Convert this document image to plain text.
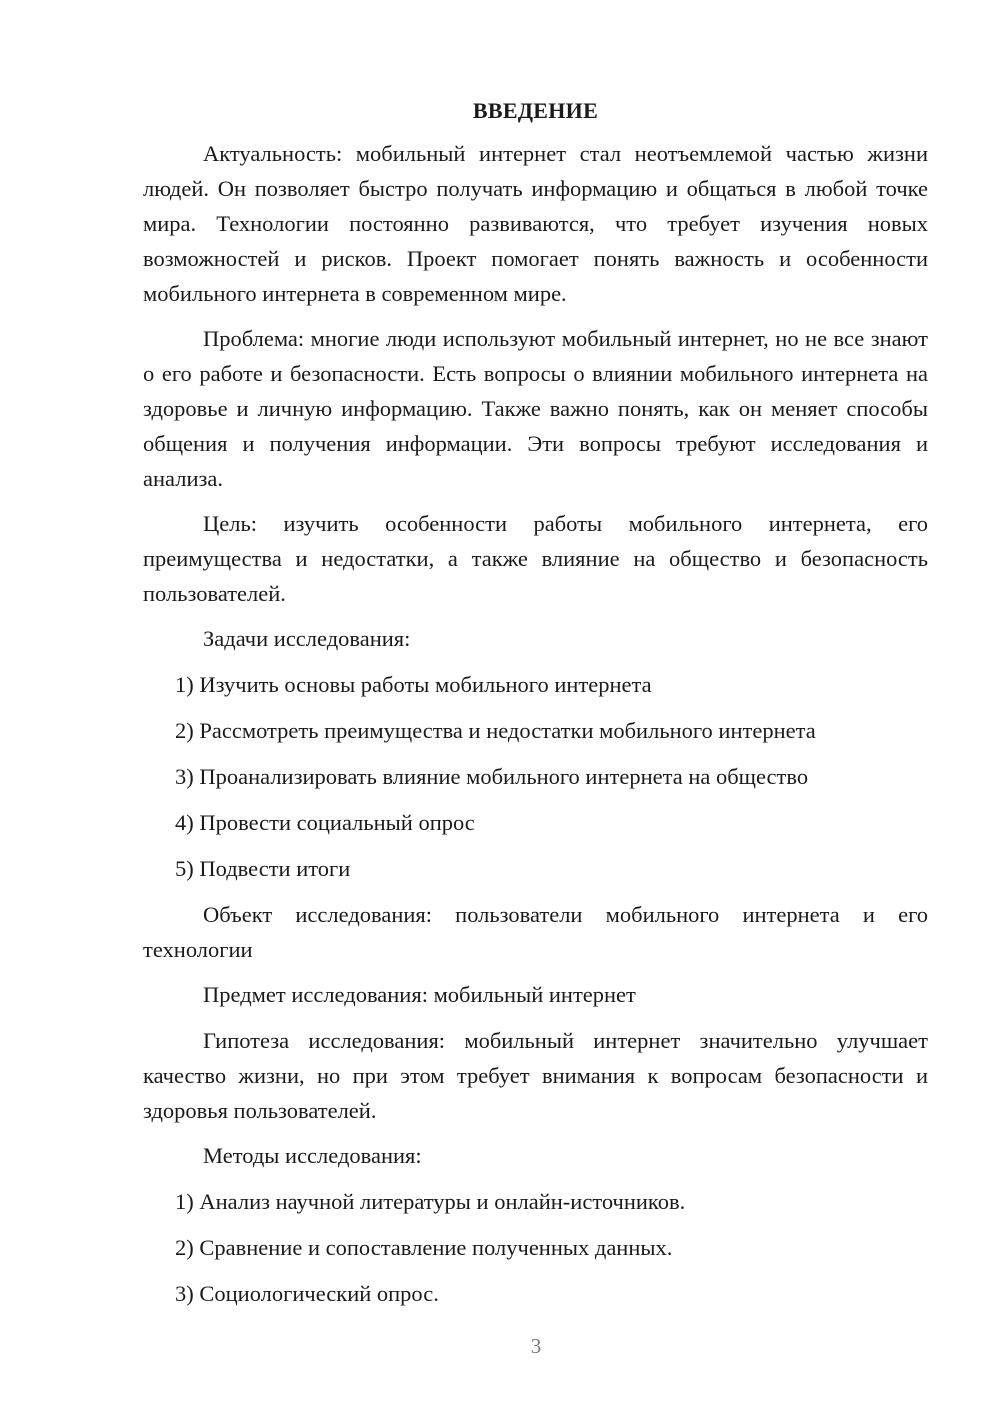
ВВЕДЕНИЕ

Актуальность: мобильный интернет стал неотъемлемой частью жизни людей. Он позволяет быстро получать информацию и общаться в любой точке мира. Технологии постоянно развиваются, что требует изучения новых возможностей и рисков. Проект помогает понять важность и особенности мобильного интернета в современном мире.

Проблема: многие люди используют мобильный интернет, но не все знают о его работе и безопасности. Есть вопросы о влиянии мобильного интернета на здоровье и личную информацию. Также важно понять, как он меняет способы общения и получения информации. Эти вопросы требуют исследования и анализа.

Цель: изучить особенности работы мобильного интернета, его преимущества и недостатки, а также влияние на общество и безопасность пользователей.

Задачи исследования:

1) Изучить основы работы мобильного интернета
2) Рассмотреть преимущества и недостатки мобильного интернета
3) Проанализировать влияние мобильного интернета на общество
4) Провести социальный опрос
5) Подвести итоги

Объект исследования: пользователи мобильного интернета и его технологии

Предмет исследования: мобильный интернет

Гипотеза исследования: мобильный интернет значительно улучшает качество жизни, но при этом требует внимания к вопросам безопасности и здоровья пользователей.

Методы исследования:

1) Анализ научной литературы и онлайн-источников.
2) Сравнение и сопоставление полученных данных.
3) Социологический опрос.
3
